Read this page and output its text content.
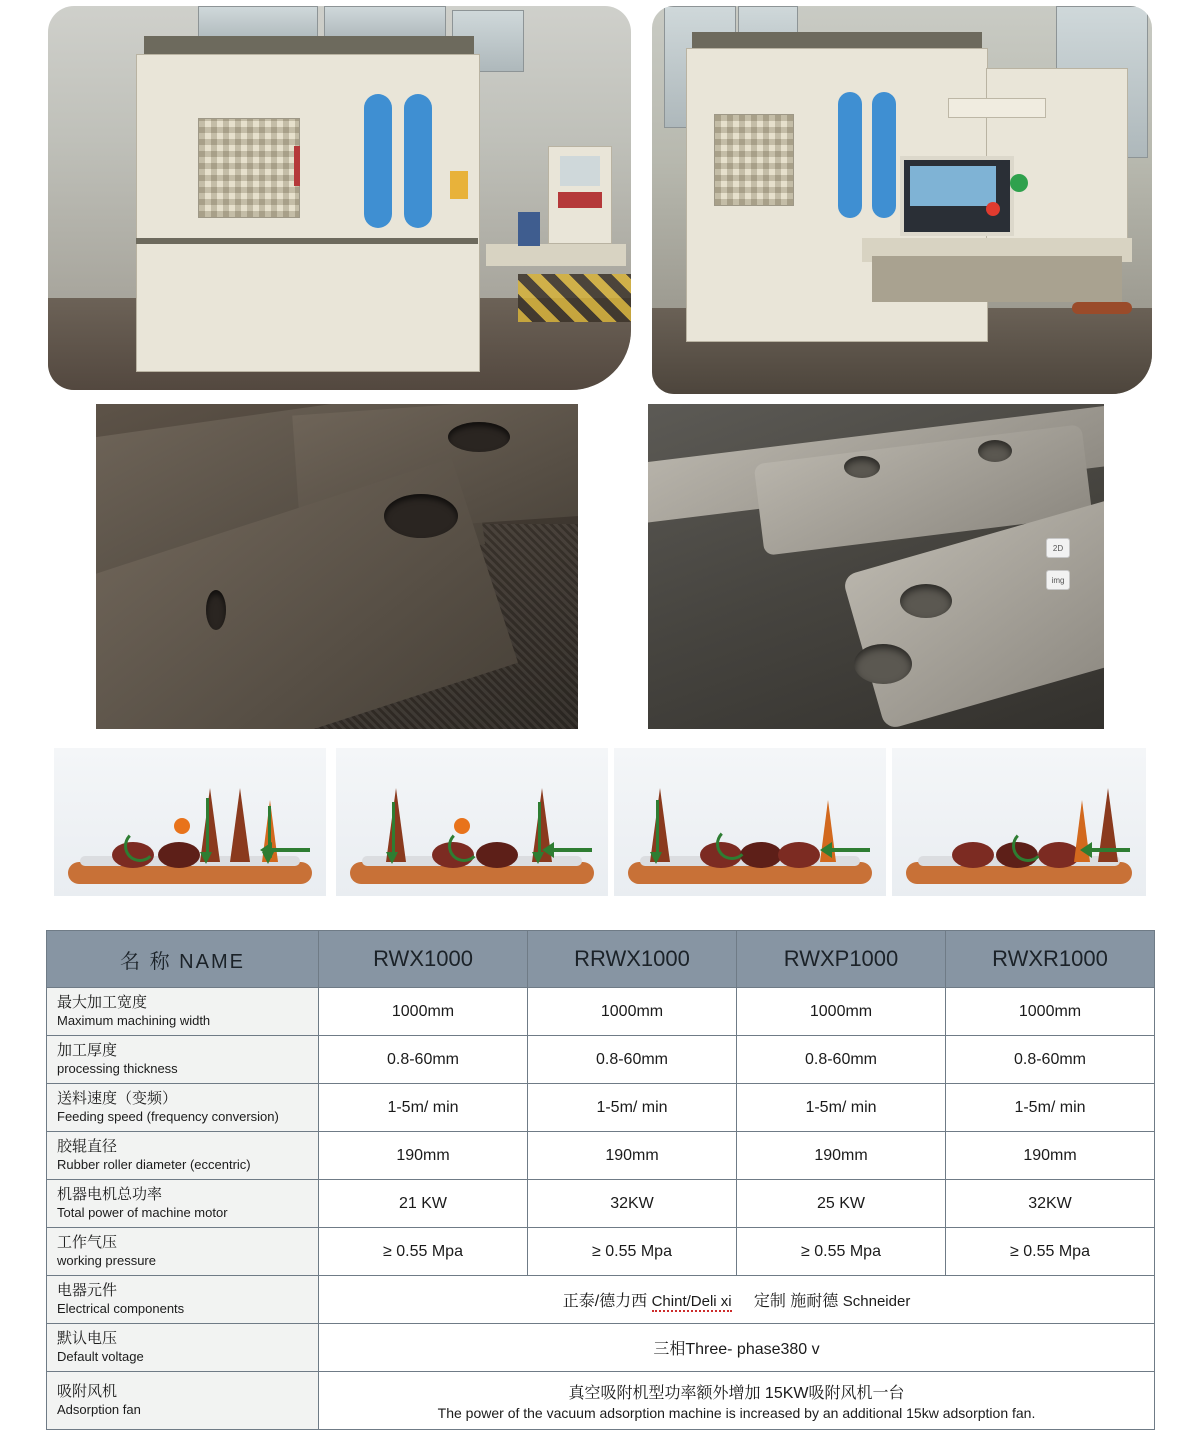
2D
img
名 称 NAME	RWX1000	RRWX1000	RWXP1000	RWXR1000

最大加工宽度
Maximum machining width	1000mm	1000mm	1000mm	1000mm

加工厚度
processing thickness	0.8-60mm	0.8-60mm	0.8-60mm	0.8-60mm

送料速度（变频）
Feeding speed (frequency conversion)	1-5m/ min	1-5m/ min	1-5m/ min	1-5m/ min

胶辊直径
Rubber roller diameter (eccentric)	190mm	190mm	190mm	190mm

机器电机总功率
Total power of machine motor	21 KW	32KW	25 KW	32KW

工作气压
working pressure	≥ 0.55 Mpa	≥ 0.55 Mpa	≥ 0.55 Mpa	≥ 0.55 Mpa

电器元件
Electrical components	正泰/德力西 Chint/Deli xi 定制 施耐德 Schneider			

默认电压
Default voltage	三相Three- phase380 v			

吸附风机
Adsorption fan	真空吸附机型功率额外增加 15KW吸附风机一台
The power of the vacuum adsorption machine is increased by an additional 15kw adsorption fan.			
